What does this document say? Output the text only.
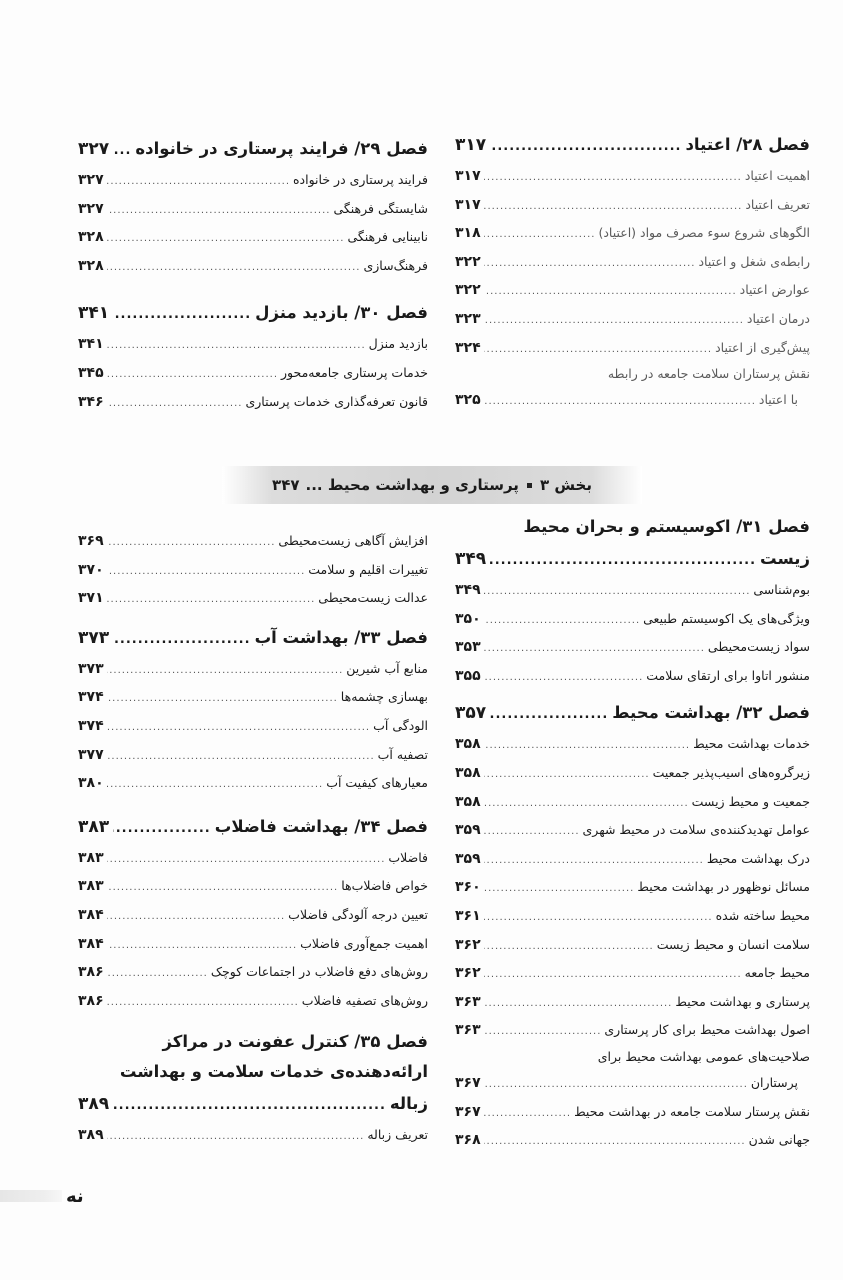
فصل ۲۸/ اعتیاد
.....
۳۱۷
اهمیت اعتیاد
.....
۳۱۷
تعریف اعتیاد
.....
۳۱۷
الگوهای شروع سوء مصرف مواد (اعتیاد)
.....
۳۱۸
رابطه‌ی شغل و اعتیاد
.....
۳۲۲
عوارض اعتیاد
.....
۳۲۲
درمان اعتیاد
.....
۳۲۳
پیش‌گیری از اعتیاد
.....
۳۲۴
نقش پرستاران سلامت جامعه در رابطه
با اعتیاد
.....
۳۲۵
فصل ۲۹/ فرایند پرستاری در خانواده
.....
۳۲۷
فرایند پرستاری در خانواده
.....
۳۲۷
شایستگی فرهنگی
.....
۳۲۷
نابینایی فرهنگی
.....
۳۲۸
فرهنگ‌سازی
.....
۳۲۸
فصل ۳۰/ بازدید منزل
.....
۳۴۱
بازدید منزل
.....
۳۴۱
خدمات پرستاری جامعه‌محور
.....
۳۴۵
قانون تعرفه‌گذاری خدمات پرستاری
.....
۳۴۶
بخش ۳
پرستاری و بهداشت محیط ...
۳۴۷
فصل ۳۱/ اکوسیستم و بحران محیط
زیست
.....
۳۴۹
بوم‌شناسی
.....
۳۴۹
ویژگی‌های یک اکوسیستم طبیعی
.....
۳۵۰
سواد زیست‌محیطی
.....
۳۵۳
منشور اتاوا برای ارتقای سلامت
.....
۳۵۵
فصل ۳۲/ بهداشت محیط
.....
۳۵۷
خدمات بهداشت محیط
.....
۳۵۸
زیرگروه‌های اسیب‌پذیر جمعیت
.....
۳۵۸
جمعیت و محیط زیست
.....
۳۵۸
عوامل تهدیدکننده‌ی سلامت در محیط شهری
.....
۳۵۹
درک بهداشت محیط
.....
۳۵۹
مسائل نوظهور در بهداشت محیط
.....
۳۶۰
محیط ساخته شده
.....
۳۶۱
سلامت انسان و محیط زیست
.....
۳۶۲
محیط جامعه
.....
۳۶۲
پرستاری و بهداشت محیط
.....
۳۶۳
اصول بهداشت محیط برای کار پرستاری
.....
۳۶۳
صلاحیت‌های عمومی بهداشت محیط برای
پرستاران
.....
۳۶۷
نقش پرستار سلامت جامعه در بهداشت محیط
.....
۳۶۷
جهانی شدن
.....
۳۶۸
افزایش آگاهی زیست‌محیطی
.....
۳۶۹
تغییرات اقلیم و سلامت
.....
۳۷۰
عدالت زیست‌محیطی
.....
۳۷۱
فصل ۳۳/ بهداشت آب
.....
۳۷۳
منابع آب شیرین
.....
۳۷۳
بهسازی چشمه‌ها
.....
۳۷۴
الودگی آب
.....
۳۷۴
تصفیه آب
.....
۳۷۷
معیارهای کیفیت آب
.....
۳۸۰
فصل ۳۴/ بهداشت فاضلاب
.....
۳۸۳
فاضلاب
.....
۳۸۳
خواص فاضلاب‌ها
.....
۳۸۳
تعیین درجه آلودگی فاضلاب
.....
۳۸۴
اهمیت جمع‌آوری فاضلاب
.....
۳۸۴
روش‌های دفع فاضلاب در اجتماعات کوچک
.....
۳۸۶
روش‌های تصفیه فاضلاب
.....
۳۸۶
فصل ۳۵/ کنترل عفونت در مراکز
ارائه‌دهنده‌ی خدمات سلامت و بهداشت
زباله
.....
۳۸۹
تعریف زباله
.....
۳۸۹
نه
